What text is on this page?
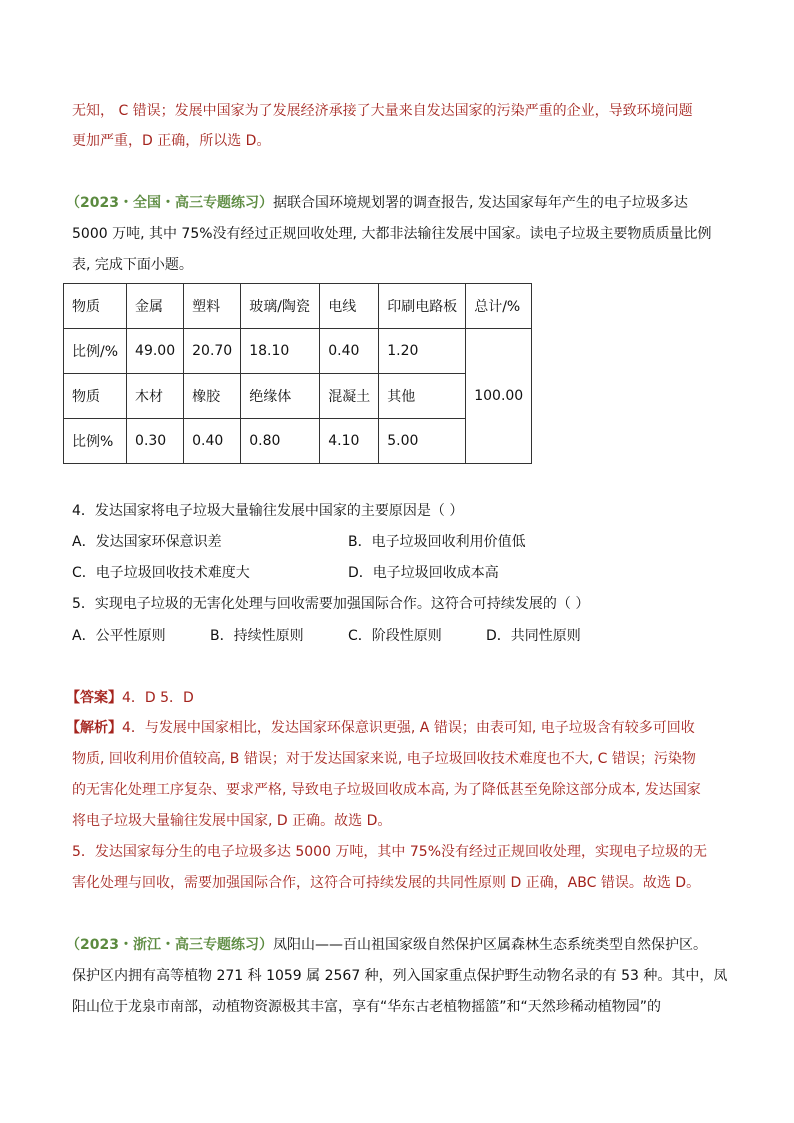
无知， C 错误；发展中国家为了发展经济承接了大量来自发达国家的污染严重的企业，导致环境问题
更加严重，D 正确，所以选 D。
（2023・全国・高三专题练习）据联合国环境规划署的调查报告, 发达国家每年产生的电子垃圾多达
5000 万吨, 其中 75%没有经过正规回收处理, 大都非法输往发展中国家。读电子垃圾主要物质质量比例
表, 完成下面小题。
物质	金属	塑料	玻璃/陶瓷	电线	印刷电路板	总计/%
比例/%	49.00	20.70	18.10	0.40	1.20	100.00
物质	木材	橡胶	绝缘体	混凝土	其他	
比例%	0.30	0.40	0.80	4.10	5.00	
4．发达国家将电子垃圾大量输往发展中国家的主要原因是（ ）
A．发达国家环保意识差	B．电子垃圾回收利用价值低
C．电子垃圾回收技术难度大	D．电子垃圾回收成本高
5．实现电子垃圾的无害化处理与回收需要加强国际合作。这符合可持续发展的（ ）
A．公平性原则	B．持续性原则	C．阶段性原则	D．共同性原则
【答案】4．D 5．D
【解析】4．与发展中国家相比，发达国家环保意识更强, A 错误；由表可知, 电子垃圾含有较多可回收
物质, 回收利用价值较高, B 错误；对于发达国家来说, 电子垃圾回收技术难度也不大, C 错误；污染物
的无害化处理工序复杂、要求严格, 导致电子垃圾回收成本高, 为了降低甚至免除这部分成本, 发达国家
将电子垃圾大量输往发展中国家, D 正确。故选 D。
5．发达国家每分生的电子垃圾多达 5000 万吨，其中 75%没有经过正规回收处理，实现电子垃圾的无
害化处理与回收，需要加强国际合作，这符合可持续发展的共同性原则 D 正确，ABC 错误。故选 D。
（2023・浙江・高三专题练习）凤阳山——百山祖国家级自然保护区属森林生态系统类型自然保护区。
保护区内拥有高等植物 271 科 1059 属 2567 种，列入国家重点保护野生动物名录的有 53 种。其中，凤
阳山位于龙泉市南部，动植物资源极其丰富，享有“华东古老植物摇篮”和“天然珍稀动植物园”的
